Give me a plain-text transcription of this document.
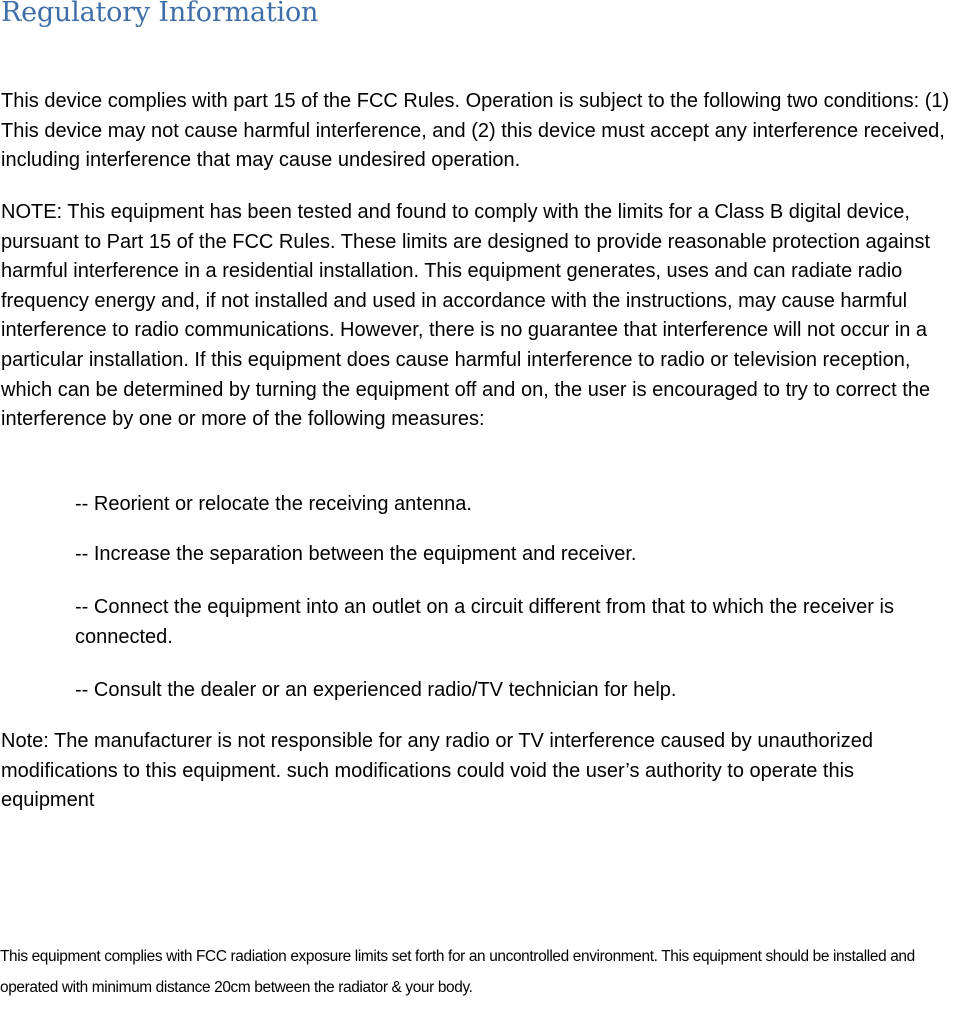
Regulatory Information

This device complies with part 15 of the FCC Rules. Operation is subject to the following two conditions: (1) This device may not cause harmful interference, and (2) this device must accept any interference received, including interference that may cause undesired operation.

NOTE: This equipment has been tested and found to comply with the limits for a Class B digital device, pursuant to Part 15 of the FCC Rules. These limits are designed to provide reasonable protection against harmful interference in a residential installation. This equipment generates, uses and can radiate radio frequency energy and, if not installed and used in accordance with the instructions, may cause harmful interference to radio communications. However, there is no guarantee that interference will not occur in a particular installation. If this equipment does cause harmful interference to radio or television reception, which can be determined by turning the equipment off and on, the user is encouraged to try to correct the interference by one or more of the following measures:

-- Reorient or relocate the receiving antenna.

-- Increase the separation between the equipment and receiver.

-- Connect the equipment into an outlet on a circuit different from that to which the receiver is connected.

-- Consult the dealer or an experienced radio/TV technician for help.

Note: The manufacturer is not responsible for any radio or TV interference caused by unauthorized modifications to this equipment. such modifications could void the user’s authority to operate this equipment

This equipment complies with FCC radiation exposure limits set forth for an uncontrolled environment. This equipment should be installed and operated with minimum distance 20cm between the radiator & your body.
